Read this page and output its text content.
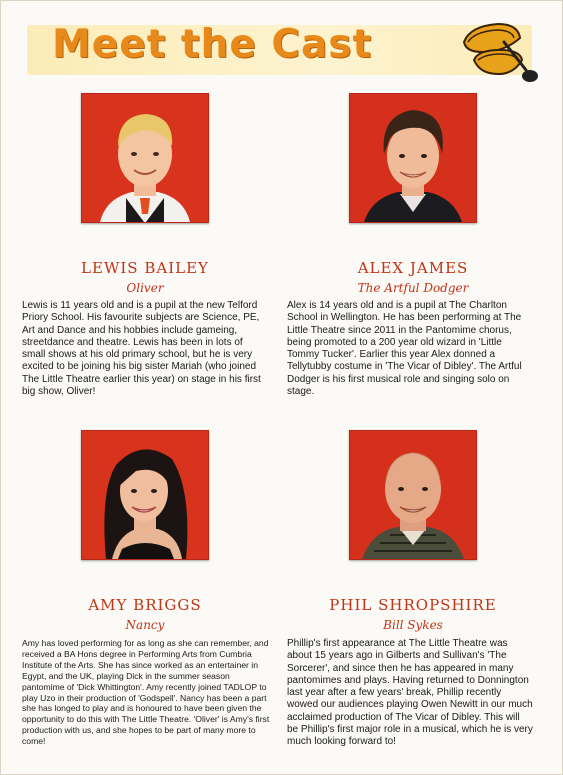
Meet the Cast
LEWIS BAILEY
Oliver
Lewis is 11 years old and is a pupil at the new Telford Priory School. His favourite subjects are Science, PE, Art and Dance and his hobbies include gameing, streetdance and theatre. Lewis has been in lots of small shows at his old primary school, but he is very excited to be joining his big sister Mariah (who joined The Little Theatre earlier this year) on stage in his first big show, Oliver!
ALEX JAMES
The Artful Dodger
Alex is 14 years old and is a pupil at The Charlton School in Wellington. He has been performing at The Little Theatre since 2011 in the Pantomime chorus, being promoted to a 200 year old wizard in 'Little Tommy Tucker'. Earlier this year Alex donned a Tellytubby costume in 'The Vicar of Dibley'. The Artful Dodger is his first musical role and singing solo on stage.
AMY BRIGGS
Nancy
Amy has loved performing for as long as she can remember, and received a BA Hons degree in Performing Arts from Cumbria Institute of the Arts. She has since worked as an entertainer in Egypt, and the UK, playing Dick in the summer season pantomime of 'Dick Whittington'. Amy recently joined TADLOP to play Uzo in their production of 'Godspell'. Nancy has been a part she has longed to play and is honoured to have been given the opportunity to do this with The Little Theatre. 'Oliver' is Amy's first production with us, and she hopes to be part of many more to come!
PHIL SHROPSHIRE
Bill Sykes
Phillip's first appearance at The Little Theatre was about 15 years ago in Gilberts and Sullivan's 'The Sorcerer', and since then he has appeared in many pantomimes and plays. Having returned to Donnington last year after a few years' break, Phillip recently wowed our audiences playing Owen Newitt in our much acclaimed production of The Vicar of Dibley. This will be Phillip's first major role in a musical, which he is very much looking forward to!
